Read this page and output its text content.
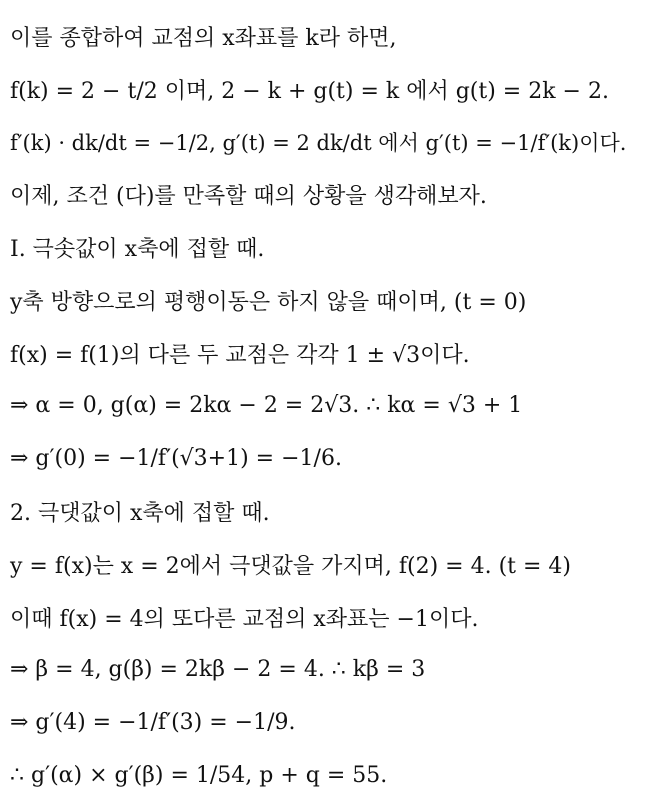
이를 종합하여 교점의 x좌표를 k라 하면,
f(k) = 2 − t/2 이며, 2 − k + g(t) = k 에서 g(t) = 2k − 2.
f′(k) · dk/dt = −1/2, g′(t) = 2 dk/dt 에서 g′(t) = −1/f′(k)이다.
이제, 조건 (다)를 만족할 때의 상황을 생각해보자.
I. 극솟값이 x축에 접할 때.
y축 방향으로의 평행이동은 하지 않을 때이며, (t = 0)
f(x) = f(1)의 다른 두 교점은 각각 1 ± √3이다.
⇒ α = 0, g(α) = 2kα − 2 = 2√3. ∴ kα = √3 + 1
⇒ g′(0) = −1/f′(√3+1) = −1/6.
2. 극댓값이 x축에 접할 때.
y = f(x)는 x = 2에서 극댓값을 가지며, f(2) = 4. (t = 4)
이때 f(x) = 4의 또다른 교점의 x좌표는 −1이다.
⇒ β = 4, g(β) = 2kβ − 2 = 4. ∴ kβ = 3
⇒ g′(4) = −1/f′(3) = −1/9.
∴ g′(α) × g′(β) = 1/54, p + q = 55.
